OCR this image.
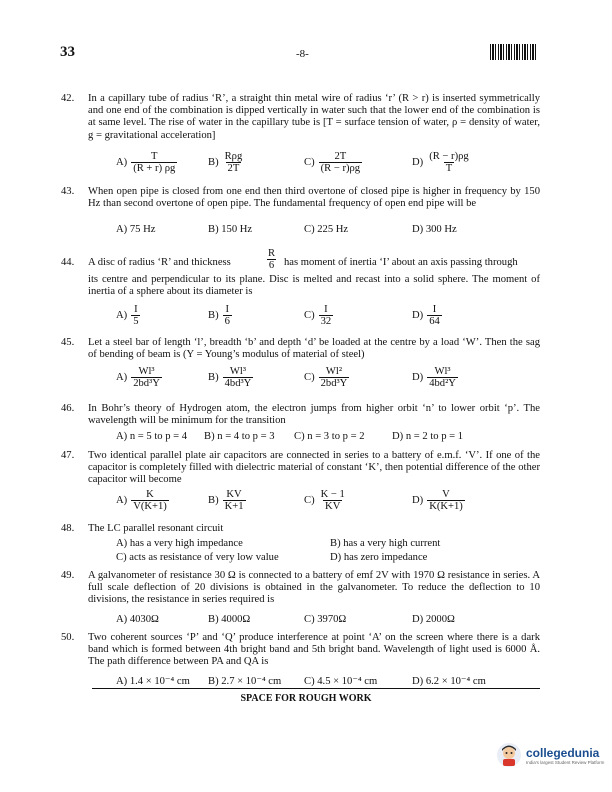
33	-8-
42. In a capillary tube of radius ‘R’, a straight thin metal wire of radius ‘r’ (R > r) is inserted symmetrically and one end of the combination is dipped vertically in water such that the lower end of the combination is at same level. The rise of water in the capillary tube is [T = surface tension of water, ρ = density of water, g = gravitational acceleration]
$A) \frac{T}{(R + r) \rho g}$	$B) \frac{\text{Rρg}}{2T}$	$C) \frac{2T}{(R - r)\rho g}$	$D) \frac{(R - r)\rho g}{T}$
43. When open pipe is closed from one end then third overtone of closed pipe is higher in frequency by 150 Hz than second overtone of open pipe. The fundamental frequency of open end pipe will be
A) 75 Hz	B) 150 Hz	C) 225 Hz	D) 300 Hz
44. A disc of radius ‘R’ and thickness	$\frac{R}{6}$ has moment of inertia ‘I’ about an axis passing through
its centre and perpendicular to its plane. Disc is melted and recast into a solid sphere. The moment of inertia of a sphere about its diameter is
$A) \frac{I}{5}$	$B) \frac{I}{6}$	$C) \frac{I}{32}$	$D) \frac{I}{64}$
45. Let a steel bar of length ‘l’, breadth ‘b’ and depth ‘d’ be loaded at the centre by a load ‘W’. Then the sag of bending of beam is (Y = Young’s modulus of material of steel)
$A) \frac{\text{Wl³}}{\text{2bd³Y}}$	$B) \frac{\text{Wl³}}{\text{4bd³Y}}$	$C) \frac{\text{Wl²}}{\text{2bd³Y}}$	$D) \frac{\text{Wl³}}{\text{4bd²Y}}$
46. In Bohr’s theory of Hydrogen atom, the electron jumps from higher orbit ‘n’ to lower orbit ‘p’. The wavelength will be minimum for the transition
A) n = 5 to p = 4 B) n = 4 to p = 3 C) n = 3 to p = 2	D) n = 2 to p = 1
47. Two identical parallel plate air capacitors are connected in series to a battery of e.m.f. ‘V’. If one of the capacitor is completely filled with dielectric material of constant ‘K’, then potential difference of the other capacitor will become
$A) \frac{K}{V(K+1)}$	$B) \frac{KV}{K+1}$	$C) \frac{K - 1}{KV}$	$D) \frac{V}{K(K+1)}$
48. The LC parallel resonant circuit
A) has a very high impedance	B) has a very high current
C) acts as resistance of very low value	D) has zero impedance
49. A galvanometer of resistance 30 Ω is connected to a battery of emf 2V with 1970 Ω resistance in series. A full scale deflection of 20 divisions is obtained in the galvanometer. To reduce the deflection to 10 divisions, the resistance in series required is
A) 4030Ω	B) 4000Ω	C) 3970Ω	D) 2000Ω
50. Two coherent sources ‘P’ and ‘Q’ produce interference at point ‘A’ on the screen where there is a dark band which is formed between 4th bright band and 5th bright band. Wavelength of light used is 6000 Å. The path difference between PA and QA is
A) 1.4 × 10⁻⁴ cm B) 2.7 × 10⁻⁴ cm C) 4.5 × 10⁻⁴ cm	D) 6.2 × 10⁻⁴ cm
SPACE FOR ROUGH WORK
collegedunia
India's largest Student Review Platform
